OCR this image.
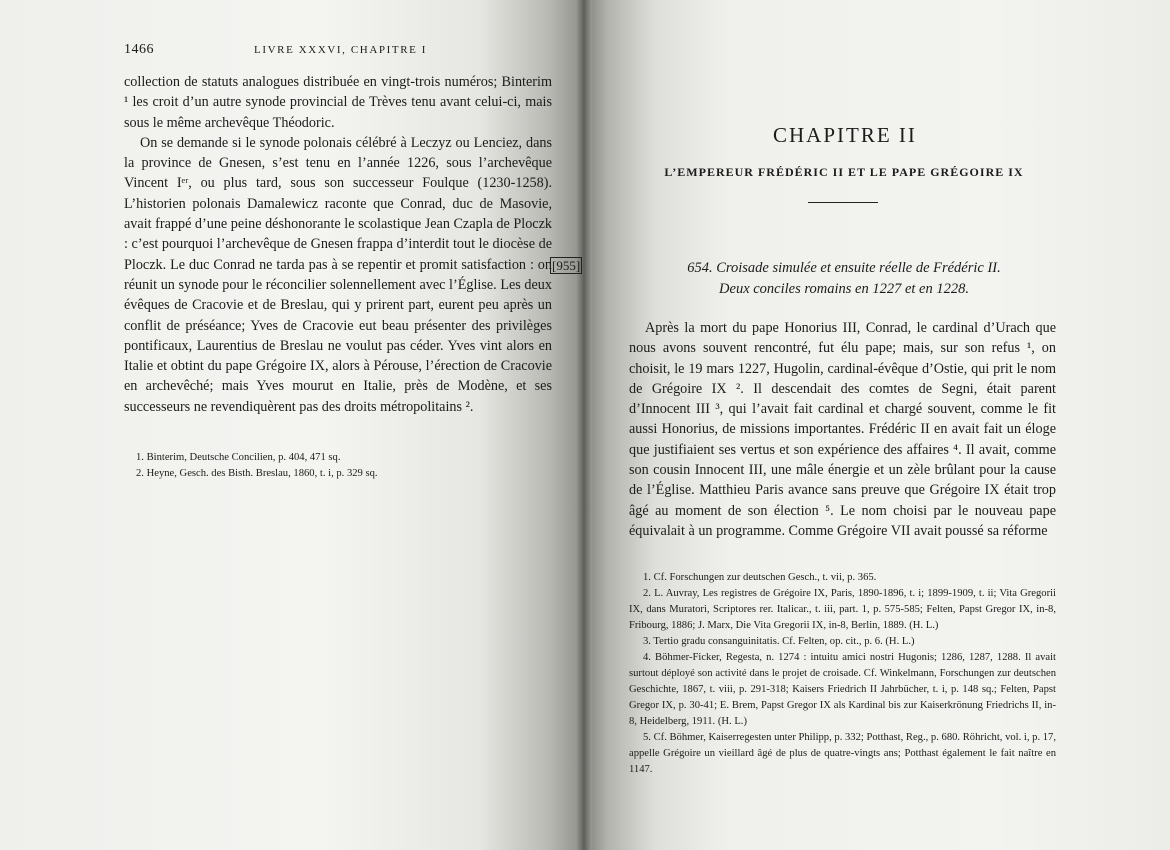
1466	LIVRE XXXVI, CHAPITRE I

collection de statuts analogues distribuée en vingt-trois numéros; Binterim ¹ les croit d’un autre synode provincial de Trèves tenu avant celui-ci, mais sous le même archevêque Théodoric.

On se demande si le synode polonais célébré à Leczyz ou Lenciez, dans la province de Gnesen, s’est tenu en l’année 1226, sous l’archevêque Vincent Iᵉʳ, ou plus tard, sous son successeur Foulque (1230-1258). L’historien polonais Damalewicz raconte que Conrad, duc de Masovie, avait frappé d’une peine déshonorante le scolastique Jean Czapla de Ploczk : c’est pourquoi l’archevêque de Gnesen frappa d’interdit tout le diocèse de Ploczk. Le duc Conrad ne tarda pas à se repentir et promit satisfaction : on réunit un synode pour le réconcilier solennellement avec l’Église. Les deux évêques de Cracovie et de Breslau, qui y prirent part, eurent peu après un conflit de préséance; Yves de Cracovie eut beau présenter des privilèges pontificaux, Laurentius de Breslau ne voulut pas céder. Yves vint alors en Italie et obtint du pape Grégoire IX, alors à Pérouse, l’érection de Cracovie en archevêché; mais Yves mourut en Italie, près de Modène, et ses successeurs ne revendiquèrent pas des droits métropolitains ².

1. Binterim, Deutsche Concilien, p. 404, 471 sq.

2. Heyne, Gesch. des Bisth. Breslau, 1860, t. i, p. 329 sq.

[955]
CHAPITRE II
L’EMPEREUR FRÉDÉRIC II ET LE PAPE GRÉGOIRE IX
654. Croisade simulée et ensuite réelle de Frédéric II.
Deux conciles romains en 1227 et en 1228.

Après la mort du pape Honorius III, Conrad, le cardinal d’Urach que nous avons souvent rencontré, fut élu pape; mais, sur son refus ¹, on choisit, le 19 mars 1227, Hugolin, cardinal-évêque d’Ostie, qui prit le nom de Grégoire IX ². Il descendait des comtes de Segni, était parent d’Innocent III ³, qui l’avait fait cardinal et chargé souvent, comme le fit aussi Honorius, de missions importantes. Frédéric II en avait fait un éloge que justifiaient ses vertus et son expérience des affaires ⁴. Il avait, comme son cousin Innocent III, une mâle énergie et un zèle brûlant pour la cause de l’Église. Matthieu Paris avance sans preuve que Grégoire IX était trop âgé au moment de son élection ⁵. Le nom choisi par le nouveau pape équivalait à un programme. Comme Grégoire VII avait poussé sa réforme

1. Cf. Forschungen zur deutschen Gesch., t. vii, p. 365.

2. L. Auvray, Les registres de Grégoire IX, Paris, 1890-1896, t. i; 1899-1909, t. ii; Vita Gregorii IX, dans Muratori, Scriptores rer. Italicar., t. iii, part. 1, p. 575-585; Felten, Papst Gregor IX, in-8, Fribourg, 1886; J. Marx, Die Vita Gregorii IX, in-8, Berlin, 1889. (H. L.)

3. Tertio gradu consanguinitatis. Cf. Felten, op. cit., p. 6. (H. L.)

4. Böhmer-Ficker, Regesta, n. 1274 : intuitu amici nostri Hugonis; 1286, 1287, 1288. Il avait surtout déployé son activité dans le projet de croisade. Cf. Winkelmann, Forschungen zur deutschen Geschichte, 1867, t. viii, p. 291-318; Kaisers Friedrich II Jahrbücher, t. i, p. 148 sq.; Felten, Papst Gregor IX, p. 30-41; E. Brem, Papst Gregor IX als Kardinal bis zur Kaiserkrönung Friedrichs II, in-8, Heidelberg, 1911. (H. L.)

5. Cf. Böhmer, Kaiserregesten unter Philipp, p. 332; Potthast, Reg., p. 680. Röhricht, vol. i, p. 17, appelle Grégoire un vieillard âgé de plus de quatre-vingts ans; Potthast également le fait naître en 1147.
